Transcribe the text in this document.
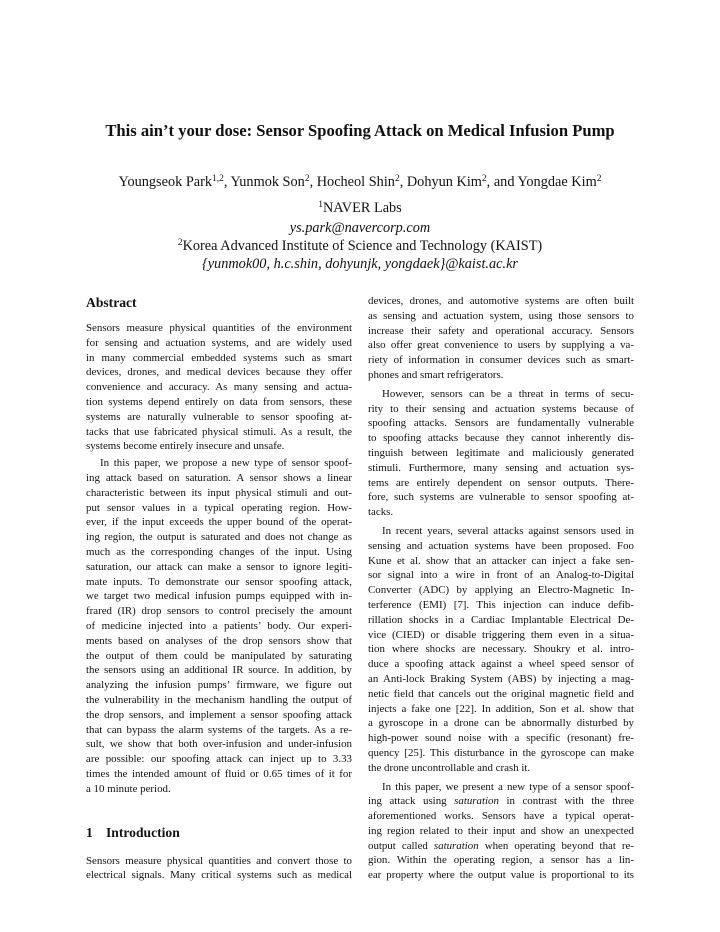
This ain’t your dose: Sensor Spoofing Attack on Medical Infusion Pump
Youngseok Park$^{1,2}$, Yunmok Son$^2$, Hocheol Shin$^2$, Dohyun Kim$^2$, and Yongdae Kim$^2$
$^1$NAVER Labs
ys.park@navercorp.com
$^2$Korea Advanced Institute of Science and Technology (KAIST)
{yunmok00, h.c.shin, dohyunjk, yongdaek}@kaist.ac.kr
Abstract

Sensors measure physical quantities of the environment

for sensing and actuation systems, and are widely used

in many commercial embedded systems such as smart

devices, drones, and medical devices because they offer

convenience and accuracy. As many sensing and actua-

tion systems depend entirely on data from sensors, these

systems are naturally vulnerable to sensor spoofing at-

tacks that use fabricated physical stimuli. As a result, the

systems become entirely insecure and unsafe.

In this paper, we propose a new type of sensor spoof-

ing attack based on saturation. A sensor shows a linear

characteristic between its input physical stimuli and out-

put sensor values in a typical operating region. How-

ever, if the input exceeds the upper bound of the operat-

ing region, the output is saturated and does not change as

much as the corresponding changes of the input. Using

saturation, our attack can make a sensor to ignore legiti-

mate inputs. To demonstrate our sensor spoofing attack,

we target two medical infusion pumps equipped with in-

frared (IR) drop sensors to control precisely the amount

of medicine injected into a patients’ body. Our experi-

ments based on analyses of the drop sensors show that

the output of them could be manipulated by saturating

the sensors using an additional IR source. In addition, by

analyzing the infusion pumps’ firmware, we figure out

the vulnerability in the mechanism handling the output of

the drop sensors, and implement a sensor spoofing attack

that can bypass the alarm systems of the targets. As a re-

sult, we show that both over-infusion and under-infusion

are possible: our spoofing attack can inject up to 3.33

times the intended amount of fluid or 0.65 times of it for

a 10 minute period.

1 Introduction

Sensors measure physical quantities and convert those to

electrical signals. Many critical systems such as medical

devices, drones, and automotive systems are often built

as sensing and actuation system, using those sensors to

increase their safety and operational accuracy. Sensors

also offer great convenience to users by supplying a va-

riety of information in consumer devices such as smart-

phones and smart refrigerators.

However, sensors can be a threat in terms of secu-

rity to their sensing and actuation systems because of

spoofing attacks. Sensors are fundamentally vulnerable

to spoofing attacks because they cannot inherently dis-

tinguish between legitimate and maliciously generated

stimuli. Furthermore, many sensing and actuation sys-

tems are entirely dependent on sensor outputs. There-

fore, such systems are vulnerable to sensor spoofing at-

tacks.

In recent years, several attacks against sensors used in

sensing and actuation systems have been proposed. Foo

Kune et al. show that an attacker can inject a fake sen-

sor signal into a wire in front of an Analog-to-Digital

Converter (ADC) by applying an Electro-Magnetic In-

terference (EMI) [7]. This injection can induce defib-

rillation shocks in a Cardiac Implantable Electrical De-

vice (CIED) or disable triggering them even in a situa-

tion where shocks are necessary. Shoukry et al. intro-

duce a spoofing attack against a wheel speed sensor of

an Anti-lock Braking System (ABS) by injecting a mag-

netic field that cancels out the original magnetic field and

injects a fake one [22]. In addition, Son et al. show that

a gyroscope in a drone can be abnormally disturbed by

high-power sound noise with a specific (resonant) fre-

quency [25]. This disturbance in the gyroscope can make

the drone uncontrollable and crash it.

In this paper, we present a new type of a sensor spoof-

ing attack using saturation in contrast with the three

aforementioned works. Sensors have a typical operat-

ing region related to their input and show an unexpected

output called saturation when operating beyond that re-

gion. Within the operating region, a sensor has a lin-

ear property where the output value is proportional to its
